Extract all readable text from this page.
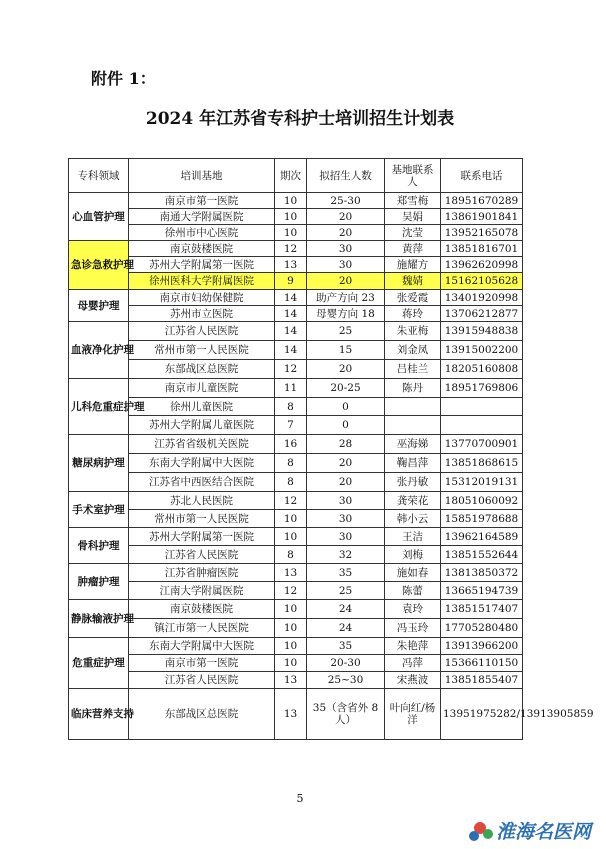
附件 1：
2024 年江苏省专科护士培训招生计划表
专科领域	培训基地	期次	拟招生人数	基地联系人	联系电话
心血管护理	南京市第一医院	10	25-30	郑雪梅	18951670289
	南通大学附属医院	10	20	吴娟	13861901841
	徐州市中心医院	10	20	沈莹	13952165078
急诊急救护理	南京鼓楼医院	12	30	黄萍	13851816701
	苏州大学附属第一医院	13	30	施耀方	13962620998
	徐州医科大学附属医院	9	20	魏婧	15162105628
母婴护理	南京市妇幼保健院	14	助产方向 23	张爱霞	13401920998
	苏州市立医院	14	母婴方向 18	蒋玲	13706212877
血液净化护理	江苏省人民医院	14	25	朱亚梅	13915948838
	常州市第一人民医院	14	15	刘金凤	13915002200
	东部战区总医院	12	20	吕桂兰	18205160808
儿科危重症护理	南京市儿童医院	11	20-25	陈丹	18951769806
	徐州儿童医院	8	0		
	苏州大学附属儿童医院	7	0		
糖尿病护理	江苏省省级机关医院	16	28	巫海娣	13770700901
	东南大学附属中大医院	8	20	鞠昌萍	13851868615
	江苏省中西医结合医院	8	20	张丹敏	15312019131
手术室护理	苏北人民医院	12	30	龚荣花	18051060092
	常州市第一人民医院	10	30	韩小云	15851978688
骨科护理	苏州大学附属第一医院	10	30	王洁	13962164589
	江苏省人民医院	8	32	刘梅	13851552644
肿瘤护理	江苏省肿瘤医院	13	35	施如春	13813850372
	江南大学附属医院	12	25	陈蕾	13665194739
静脉输液护理	南京鼓楼医院	10	24	袁玲	13851517407
	镇江市第一人民医院	10	24	冯玉玲	17705280480
危重症护理	东南大学附属中大医院	10	35	朱艳萍	13913966200
	南京市第一医院	10	20-30	冯萍	15366110150
	江苏省人民医院	13	25~30	宋燕波	13851855407
临床营养支持	东部战区总医院	13	35（含省外 8 人）	叶向红/杨洋	13951975282/13913905859
5
淮海名医网
